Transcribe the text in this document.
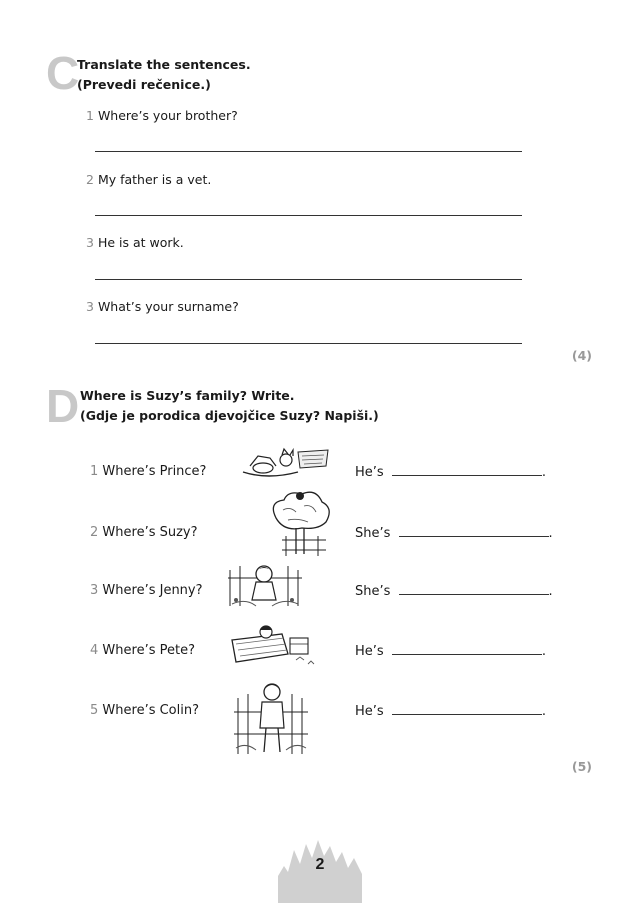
C
Translate the sentences.
(Prevedi rečenice.)
1 Where’s your brother?
2 My father is a vet.
3 He is at work.
3 What’s your surname?
(4)
D Where is Suzy’s family? Write.
(Gdje je porodica djevojčice Suzy? Napiši.)
1 Where’s Prince?	He’s	.
2 Where’s Suzy?	She’s	.
3 Where’s Jenny?	She’s	.
4 Where’s Pete?	He’s	.
5 Where’s Colin?	He’s	.
(5)
2
